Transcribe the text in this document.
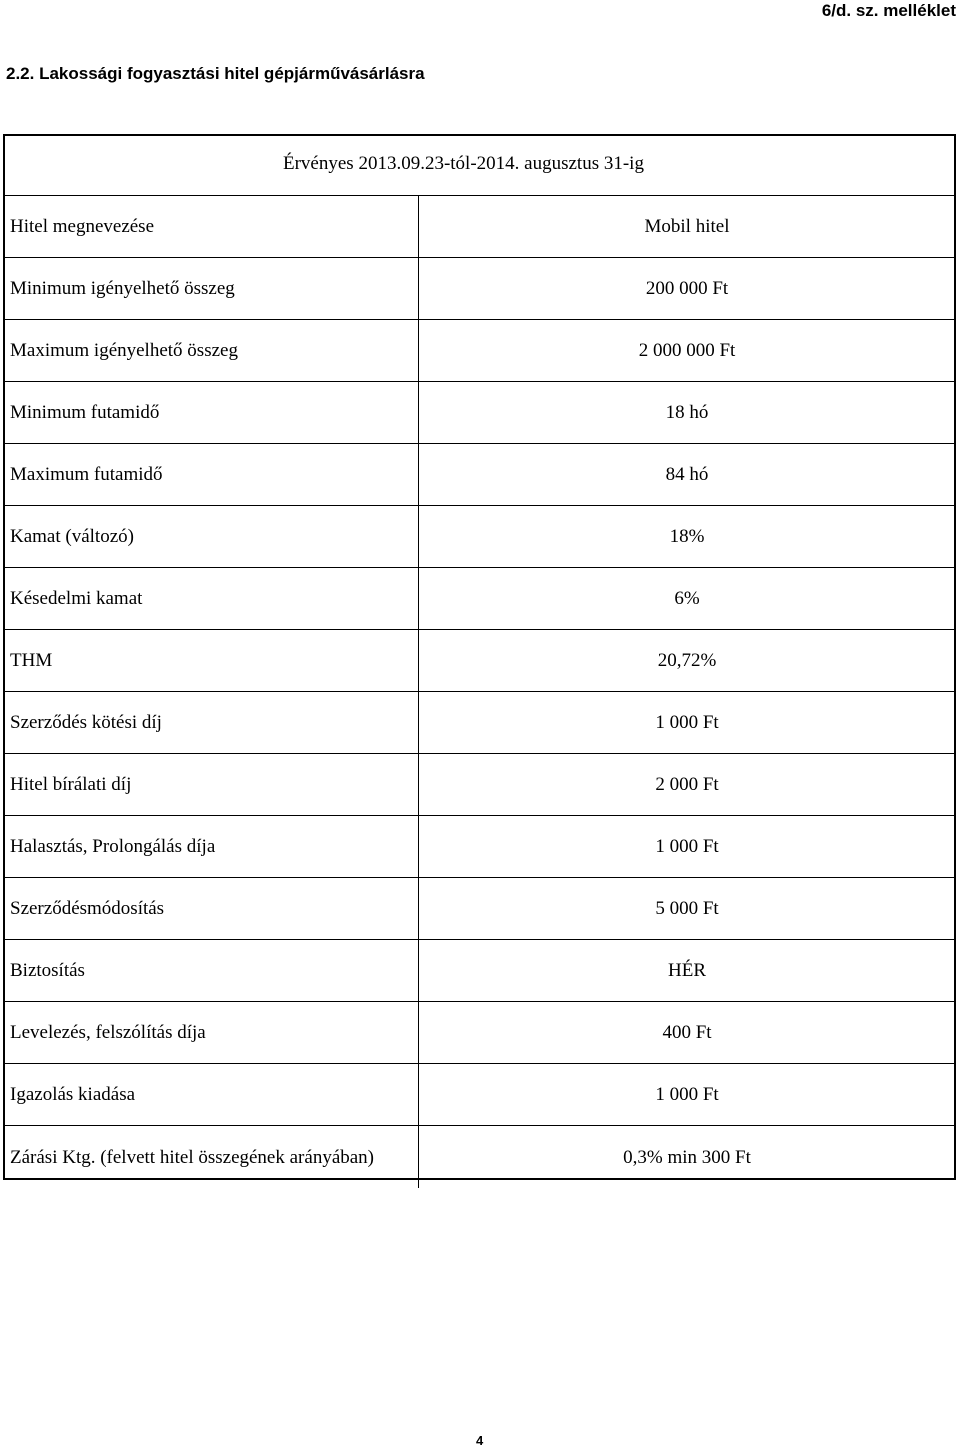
6/d. sz. melléklet
2.2. Lakossági fogyasztási hitel gépjárművásárlásra
Érvényes 2013.09.23-tól-2014. augusztus 31-ig
Hitel megnevezése	Mobil hitel
Minimum igényelhető összeg	200 000 Ft
Maximum igényelhető összeg	2 000 000 Ft
Minimum futamidő	18 hó
Maximum futamidő	84 hó
Kamat (változó)	18%
Késedelmi kamat	6%
THM	20,72%
Szerződés kötési díj	1 000 Ft
Hitel bírálati díj	2 000 Ft
Halasztás, Prolongálás díja	1 000 Ft
Szerződésmódosítás	5 000 Ft
Biztosítás	HÉR
Levelezés, felszólítás díja	400 Ft
Igazolás kiadása	1 000 Ft
Zárási Ktg. (felvett hitel összegének arányában)	0,3% min 300 Ft
4
